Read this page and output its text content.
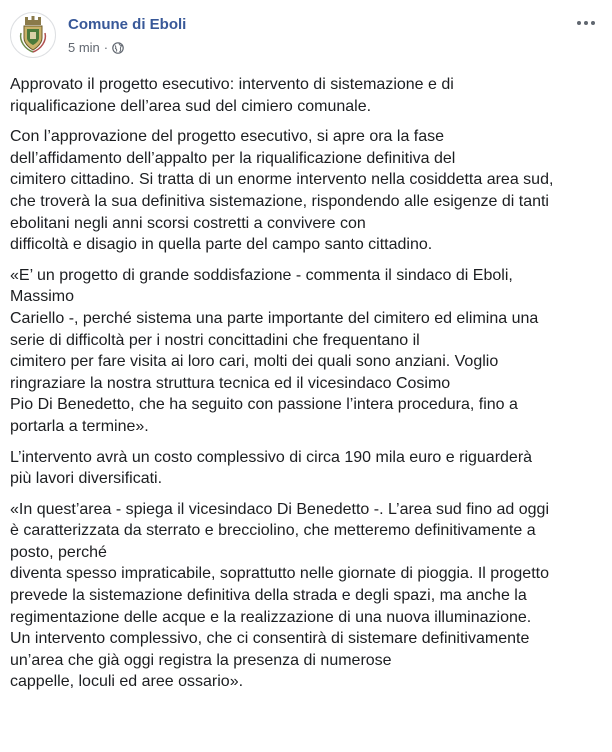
Comune di Eboli
5 min ·

Approvato il progetto esecutivo: intervento di sistemazione e di
riqualificazione dell’area sud del cimiero comunale.

Con l’approvazione del progetto esecutivo, si apre ora la fase
dell’affidamento dell’appalto per la riqualificazione definitiva del
cimitero cittadino. Si tratta di un enorme intervento nella cosiddetta area sud,
che troverà la sua definitiva sistemazione, rispondendo alle esigenze di tanti
ebolitani negli anni scorsi costretti a convivere con
difficoltà e disagio in quella parte del campo santo cittadino.

«E’ un progetto di grande soddisfazione - commenta il sindaco di Eboli,
Massimo
Cariello -, perché sistema una parte importante del cimitero ed elimina una
serie di difficoltà per i nostri concittadini che frequentano il
cimitero per fare visita ai loro cari, molti dei quali sono anziani. Voglio
ringraziare la nostra struttura tecnica ed il vicesindaco Cosimo
Pio Di Benedetto, che ha seguito con passione l’intera procedura, fino a
portarla a termine».

L’intervento avrà un costo complessivo di circa 190 mila euro e riguarderà
più lavori diversificati.

«In quest’area - spiega il vicesindaco Di Benedetto -. L’area sud fino ad oggi
è caratterizzata da sterrato e brecciolino, che metteremo definitivamente a
posto, perché
diventa spesso impraticabile, soprattutto nelle giornate di pioggia. Il progetto
prevede la sistemazione definitiva della strada e degli spazi, ma anche la
regimentazione delle acque e la realizzazione di una nuova illuminazione.
Un intervento complessivo, che ci consentirà di sistemare definitivamente
un’area che già oggi registra la presenza di numerose
cappelle, loculi ed aree ossario».
